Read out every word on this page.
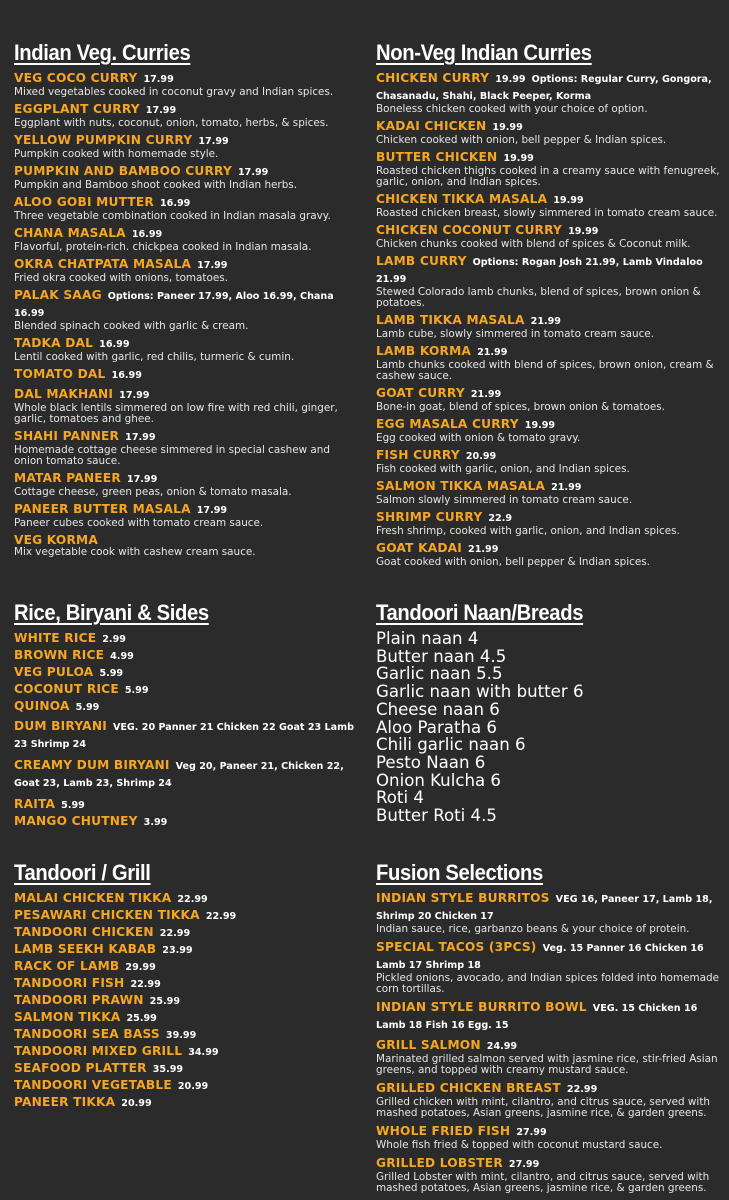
Indian Veg. Curries
VEG COCO CURRY 17.99
Mixed vegetables cooked in coconut gravy and Indian spices.
EGGPLANT CURRY 17.99
Eggplant with nuts, coconut, onion, tomato, herbs, & spices.
YELLOW PUMPKIN CURRY 17.99
Pumpkin cooked with homemade style.
PUMPKIN AND BAMBOO CURRY 17.99
Pumpkin and Bamboo shoot cooked with Indian herbs.
ALOO GOBI MUTTER 16.99
Three vegetable combination cooked in Indian masala gravy.
CHANA MASALA 16.99
Flavorful, protein-rich. chickpea cooked in Indian masala.
OKRA CHATPATA MASALA 17.99
Fried okra cooked with onions, tomatoes.
PALAK SAAG Options: Paneer 17.99, Aloo 16.99, Chana 16.99
Blended spinach cooked with garlic & cream.
TADKA DAL 16.99
Lentil cooked with garlic, red chilis, turmeric & cumin.
TOMATO DAL 16.99
DAL MAKHANI 17.99
Whole black lentils simmered on low fire with red chili, ginger, garlic, tomatoes and ghee.
SHAHI PANNER 17.99
Homemade cottage cheese simmered in special cashew and onion tomato sauce.
MATAR PANEER 17.99
Cottage cheese, green peas, onion & tomato masala.
PANEER BUTTER MASALA 17.99
Paneer cubes cooked with tomato cream sauce.
VEG KORMA
Mix vegetable cook with cashew cream sauce.
Non-Veg Indian Curries
CHICKEN CURRY 19.99 Options: Regular Curry, Gongora, Chasanadu, Shahi, Black Peeper, Korma
Boneless chicken cooked with your choice of option.
KADAI CHICKEN 19.99
Chicken cooked with onion, bell pepper & Indian spices.
BUTTER CHICKEN 19.99
Roasted chicken thighs cooked in a creamy sauce with fenugreek, garlic, onion, and Indian spices.
CHICKEN TIKKA MASALA 19.99
Roasted chicken breast, slowly simmered in tomato cream sauce.
CHICKEN COCONUT CURRY 19.99
Chicken chunks cooked with blend of spices & Coconut milk.
LAMB CURRY Options: Rogan Josh 21.99, Lamb Vindaloo 21.99
Stewed Colorado lamb chunks, blend of spices, brown onion & potatoes.
LAMB TIKKA MASALA 21.99
Lamb cube, slowly simmered in tomato cream sauce.
LAMB KORMA 21.99
Lamb chunks cooked with blend of spices, brown onion, cream & cashew sauce.
GOAT CURRY 21.99
Bone-in goat, blend of spices, brown onion & tomatoes.
EGG MASALA CURRY 19.99
Egg cooked with onion & tomato gravy.
FISH CURRY 20.99
Fish cooked with garlic, onion, and Indian spices.
SALMON TIKKA MASALA 21.99
Salmon slowly simmered in tomato cream sauce.
SHRIMP CURRY 22.9
Fresh shrimp, cooked with garlic, onion, and Indian spices.
GOAT KADAI 21.99
Goat cooked with onion, bell pepper & Indian spices.
Rice, Biryani & Sides
WHITE RICE 2.99
BROWN RICE 4.99
VEG PULOA 5.99
COCONUT RICE 5.99
QUINOA 5.99
DUM BIRYANI VEG. 20 Panner 21 Chicken 22 Goat 23 Lamb 23 Shrimp 24
CREAMY DUM BIRYANI Veg 20, Paneer 21, Chicken 22, Goat 23, Lamb 23, Shrimp 24
RAITA 5.99
MANGO CHUTNEY 3.99
Tandoori Naan/Breads
Plain naan 4
Butter naan 4.5
Garlic naan 5.5
Garlic naan with butter 6
Cheese naan 6
Aloo Paratha 6
Chili garlic naan 6
Pesto Naan 6
Onion Kulcha 6
Roti 4
Butter Roti 4.5
Tandoori / Grill
MALAI CHICKEN TIKKA 22.99
PESAWARI CHICKEN TIKKA 22.99
TANDOORI CHICKEN 22.99
LAMB SEEKH KABAB 23.99
RACK OF LAMB 29.99
TANDOORI FISH 22.99
TANDOORI PRAWN 25.99
SALMON TIKKA 25.99
TANDOORI SEA BASS 39.99
TANDOORI MIXED GRILL 34.99
SEAFOOD PLATTER 35.99
TANDOORI VEGETABLE 20.99
PANEER TIKKA 20.99
Fusion Selections
INDIAN STYLE BURRITOS VEG 16, Paneer 17, Lamb 18, Shrimp 20 Chicken 17
Indian sauce, rice, garbanzo beans & your choice of protein.
SPECIAL TACOS (3PCS) Veg. 15 Panner 16 Chicken 16 Lamb 17 Shrimp 18
Pickled onions, avocado, and Indian spices folded into homemade corn tortillas.
INDIAN STYLE BURRITO BOWL VEG. 15 Chicken 16 Lamb 18 Fish 16 Egg. 15
GRILL SALMON 24.99
Marinated grilled salmon served with jasmine rice, stir-fried Asian greens, and topped with creamy mustard sauce.
GRILLED CHICKEN BREAST 22.99
Grilled chicken with mint, cilantro, and citrus sauce, served with mashed potatoes, Asian greens, jasmine rice, & garden greens.
WHOLE FRIED FISH 27.99
Whole fish fried & topped with coconut mustard sauce.
GRILLED LOBSTER 27.99
Grilled Lobster with mint, cilantro, and citrus sauce, served with mashed potatoes, Asian greens, jasmine rice, & garden greens.
